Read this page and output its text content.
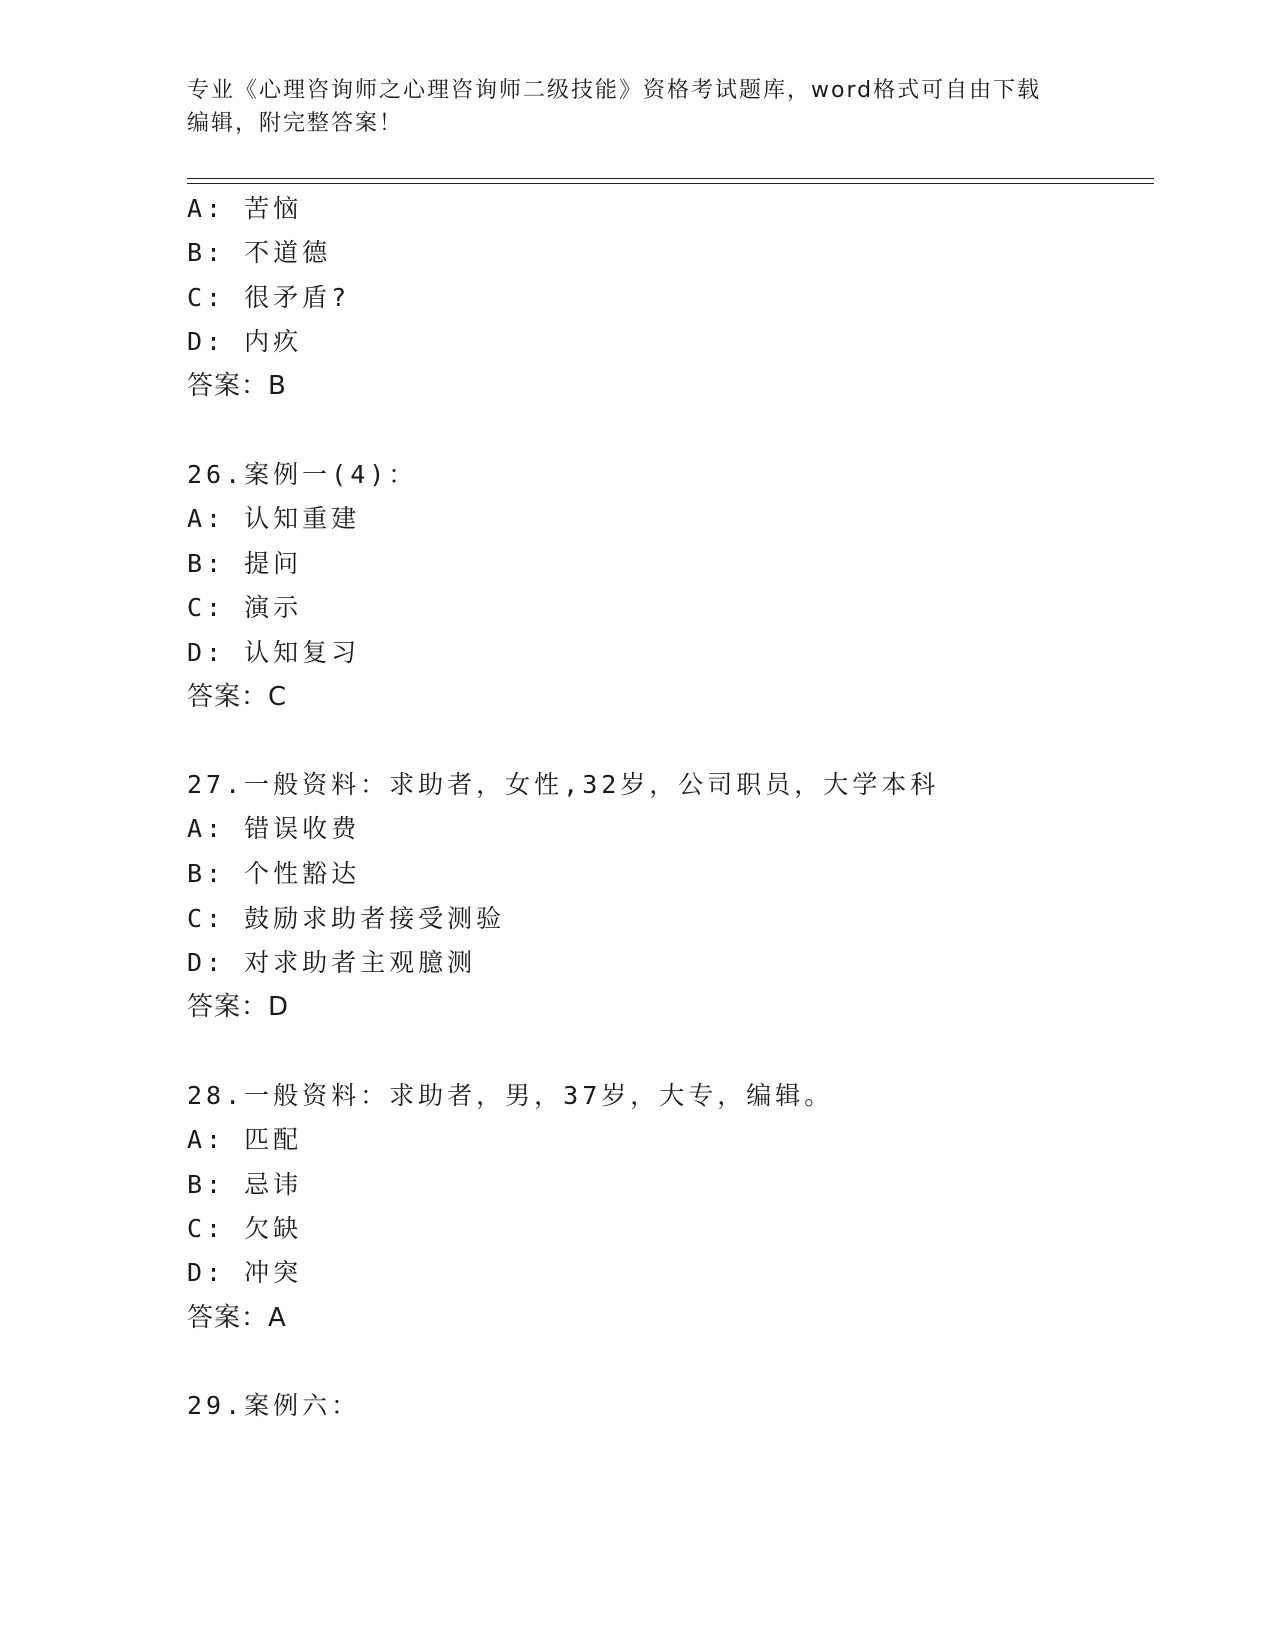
专业《心理咨询师之心理咨询师二级技能》资格考试题库，word格式可自由下载
编辑，附完整答案！
A: 苦恼
B: 不道德
C: 很矛盾?
D: 内疚
答案：B
26.案例一(4)：
A: 认知重建
B: 提问
C: 演示
D: 认知复习
答案：C
27.一般资料：求助者，女性,32岁，公司职员，大学本科
A: 错误收费
B: 个性豁达
C: 鼓励求助者接受测验
D: 对求助者主观臆测
答案：D
28.一般资料：求助者，男，37岁，大专，编辑。
A: 匹配
B: 忌讳
C: 欠缺
D: 冲突
答案：A
29.案例六：
